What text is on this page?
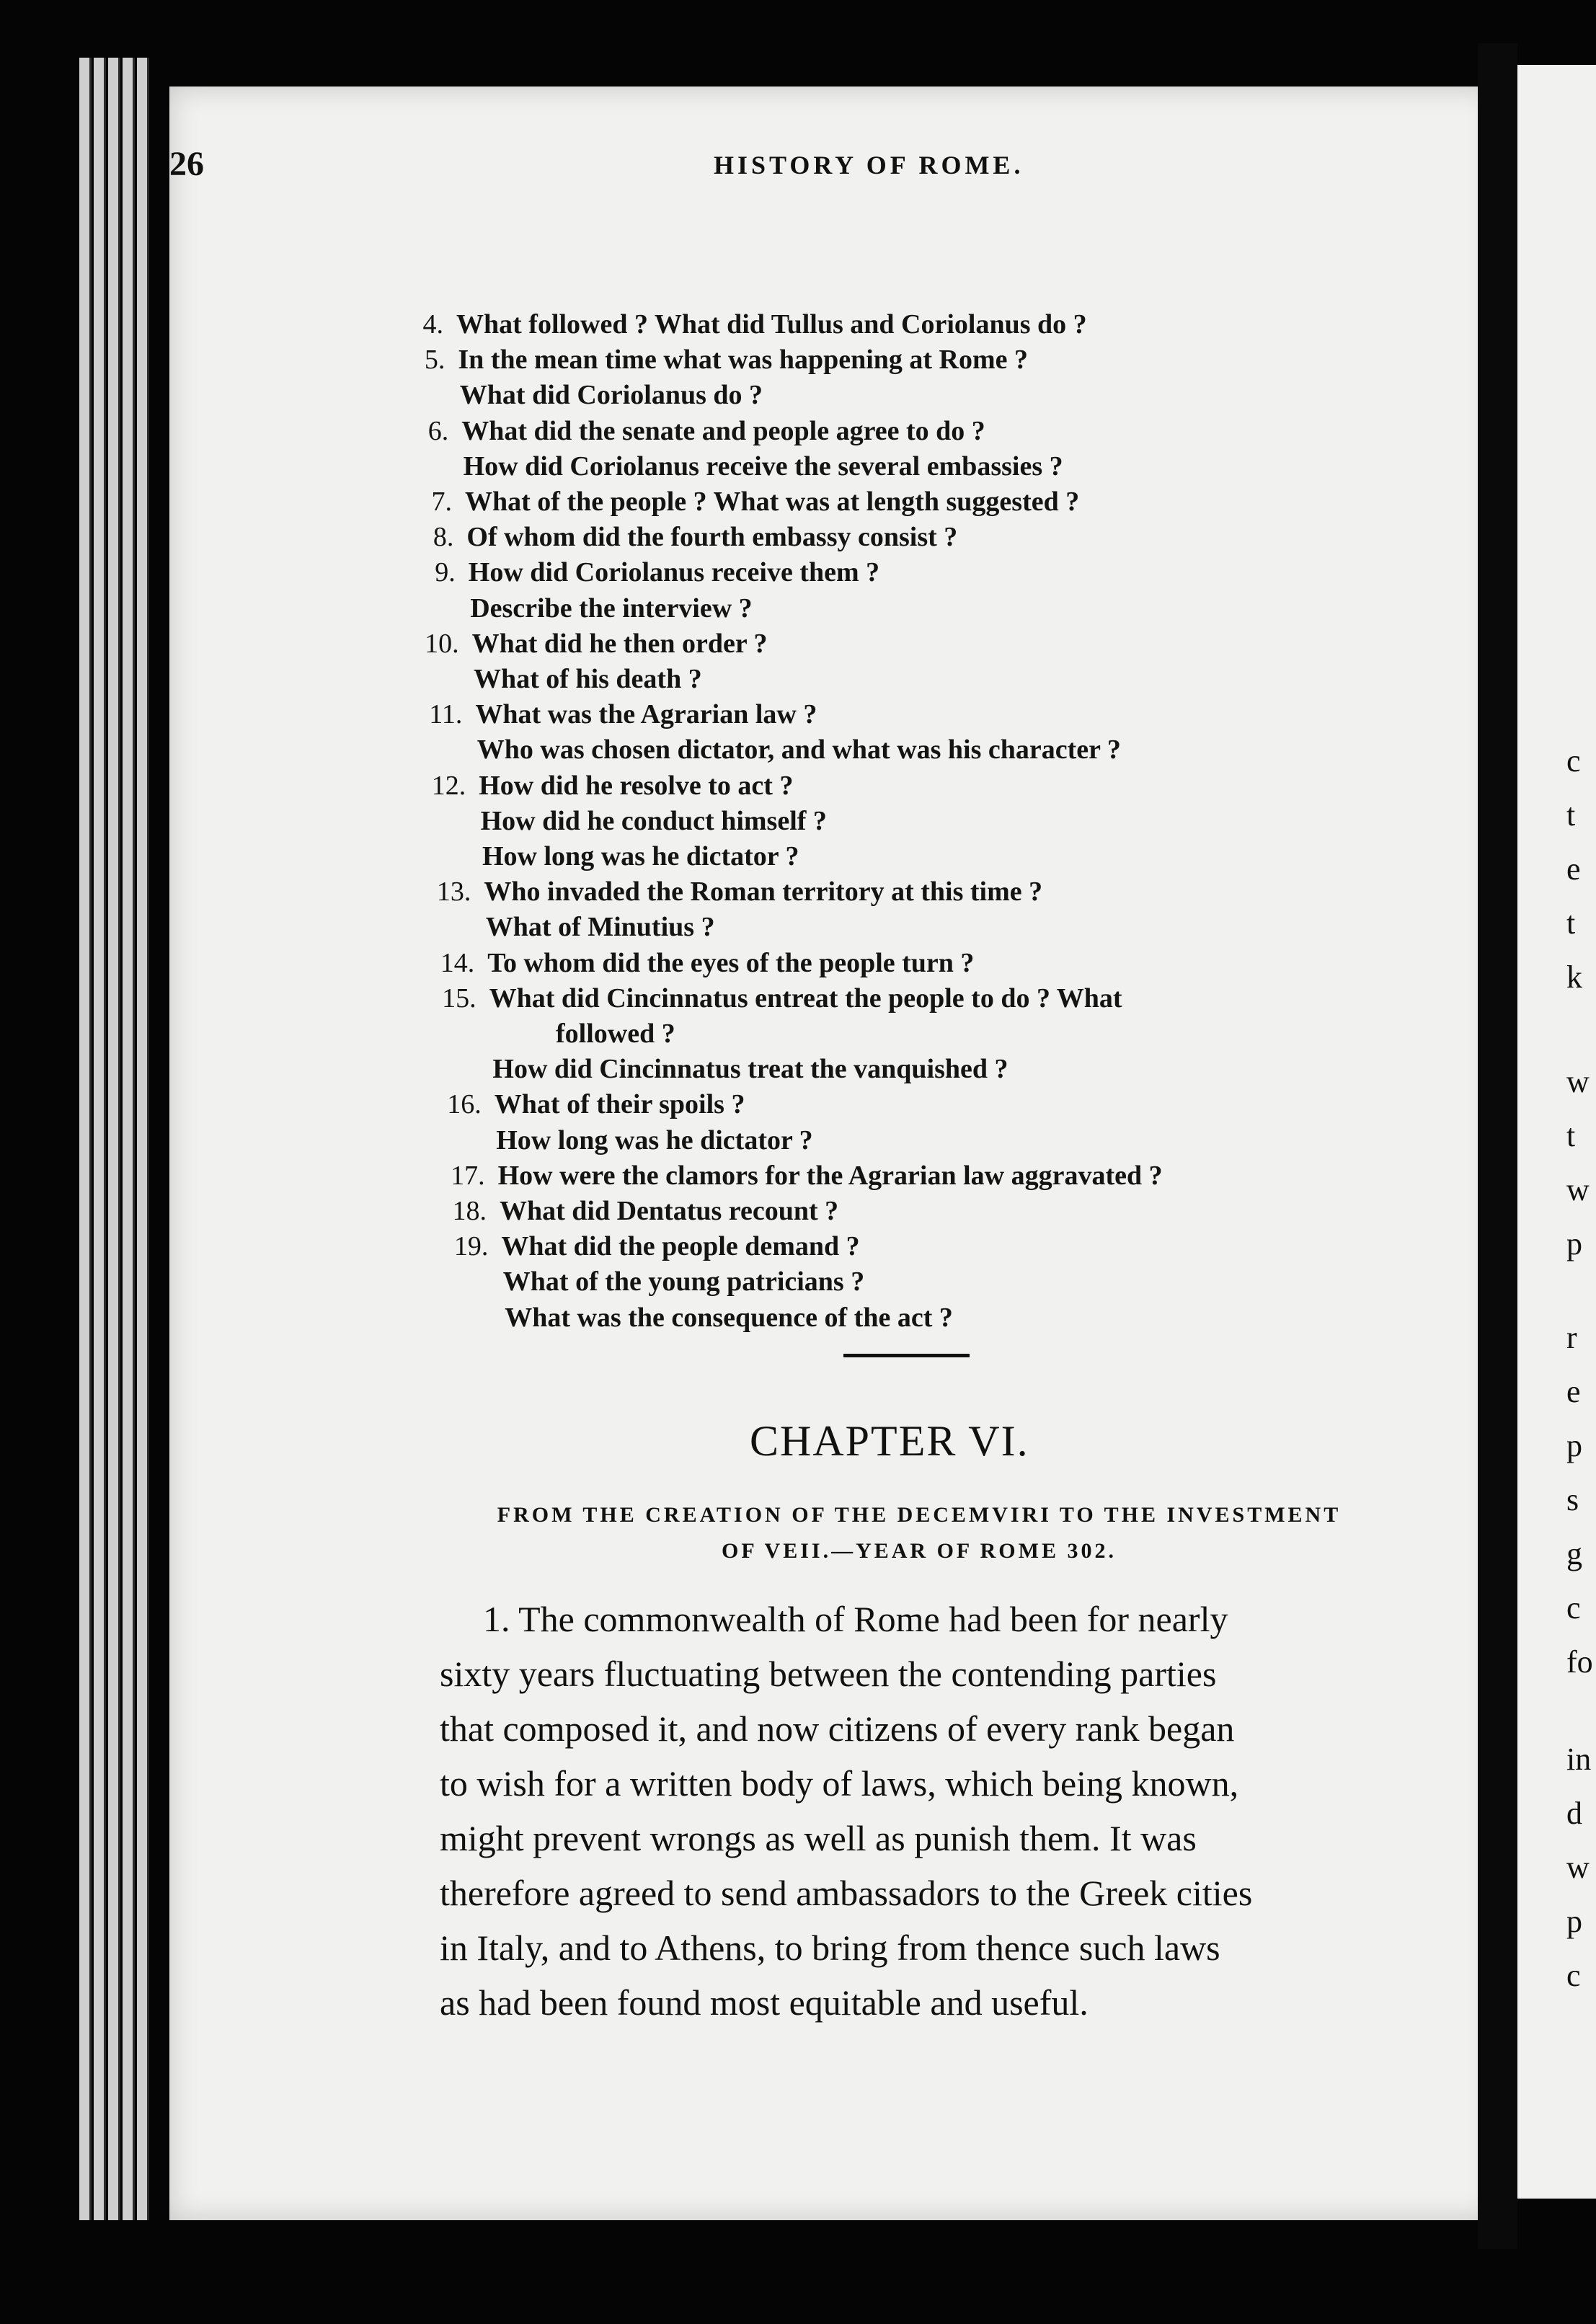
c
t
e
t
k
w
t
w
p
r
e
p
s
g
c
fo
in
d
w
p
c
26	HISTORY OF ROME.
4. What followed ? What did Tullus and Coriolanus do ?
5. In the mean time what was happening at Rome ?
What did Coriolanus do ?
6. What did the senate and people agree to do ?
How did Coriolanus receive the several embassies ?
7. What of the people ? What was at length suggested ?
8. Of whom did the fourth embassy consist ?
9. How did Coriolanus receive them ?
Describe the interview ?
10. What did he then order ?
What of his death ?
11. What was the Agrarian law ?
Who was chosen dictator, and what was his character ?
12. How did he resolve to act ?
How did he conduct himself ?
How long was he dictator ?
13. Who invaded the Roman territory at this time ?
What of Minutius ?
14. To whom did the eyes of the people turn ?
15. What did Cincinnatus entreat the people to do ? What
followed ?
How did Cincinnatus treat the vanquished ?
16. What of their spoils ?
How long was he dictator ?
17. How were the clamors for the Agrarian law aggravated ?
18. What did Dentatus recount ?
19. What did the people demand ?
What of the young patricians ?
What was the consequence of the act ?
CHAPTER VI.
FROM THE CREATION OF THE DECEMVIRI TO THE INVESTMENT
OF VEII.—YEAR OF ROME 302.
1. The commonwealth of Rome had been for nearly
sixty years fluctuating between the contending parties
that composed it, and now citizens of every rank began
to wish for a written body of laws, which being known,
might prevent wrongs as well as punish them. It was
therefore agreed to send ambassadors to the Greek cities
in Italy, and to Athens, to bring from thence such laws
as had been found most equitable and useful.
